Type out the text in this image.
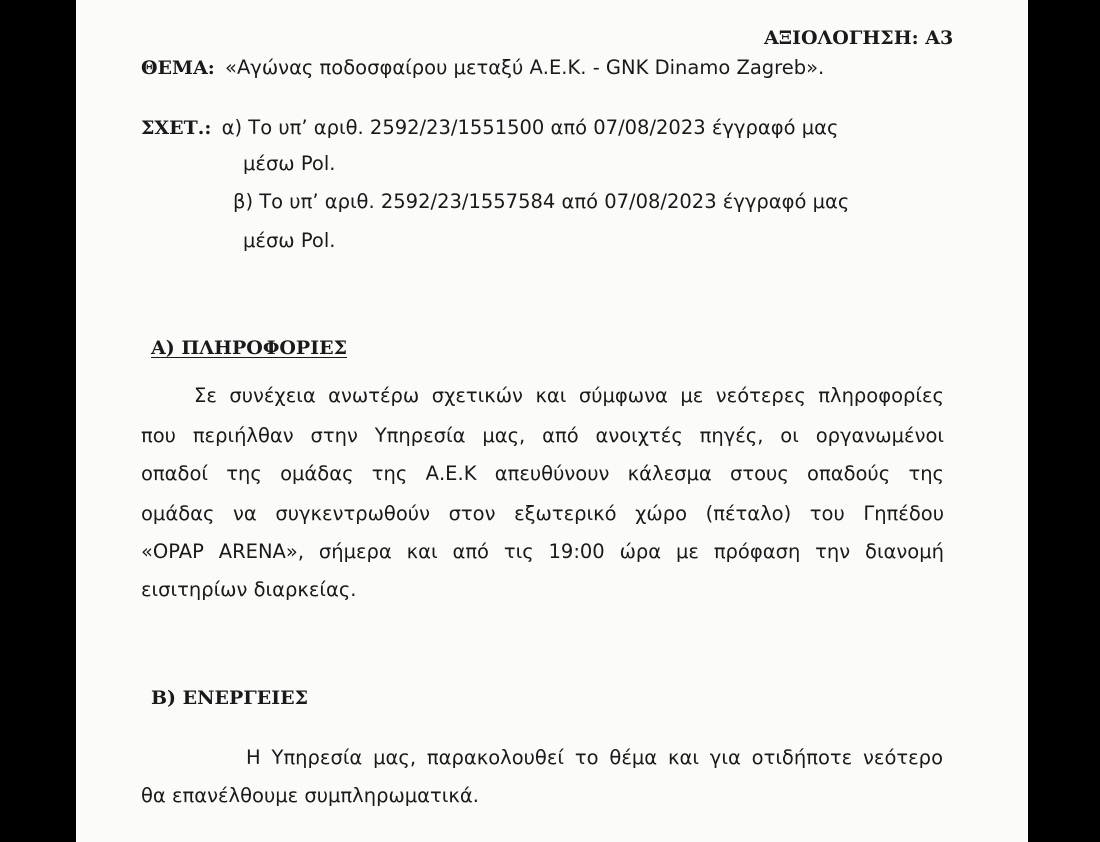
ΑΞΙΟΛΟΓΗΣΗ: Α3
ΘΕΜΑ: «Αγώνας ποδοσφαίρου μεταξύ Α.Ε.Κ. - GNK Dinamo Zagreb».
ΣΧΕΤ.: α) Το υπ’ αριθ. 2592/23/1551500 από 07/08/2023 έγγραφό μας
μέσω Pol.
β) Το υπ’ αριθ. 2592/23/1557584 από 07/08/2023 έγγραφό μας
μέσω Pol.
Α) ΠΛΗΡΟΦΟΡΙΕΣ
Σε συνέχεια ανωτέρω σχετικών και σύμφωνα με νεότερες πληροφορίες
που περιήλθαν στην Υπηρεσία μας, από ανοιχτές πηγές, οι οργανωμένοι
οπαδοί της ομάδας της Α.Ε.Κ απευθύνουν κάλεσμα στους οπαδούς της
ομάδας να συγκεντρωθούν στον εξωτερικό χώρο (πέταλο) του Γηπέδου
«OPAP ARENA», σήμερα και από τις 19:00 ώρα με πρόφαση την διανομή
εισιτηρίων διαρκείας.
Β) ΕΝΕΡΓΕΙΕΣ
Η Υπηρεσία μας, παρακολουθεί το θέμα και για οτιδήποτε νεότερο
θα επανέλθουμε συμπληρωματικά.
